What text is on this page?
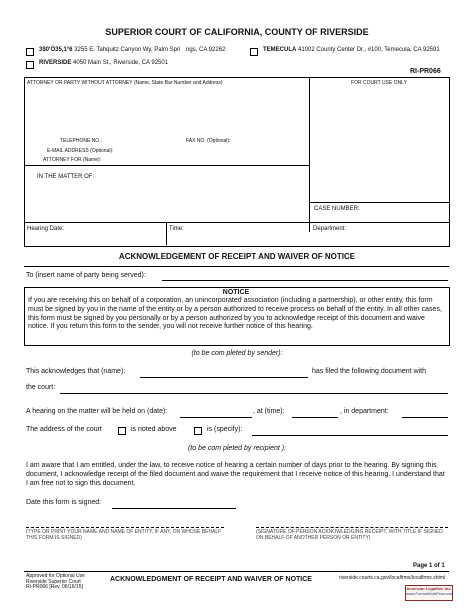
SUPERIOR COURT OF CALIFORNIA, COUNTY OF RIVERSIDE
3$0'Ö35,1°6 3255 E. Tahquitz Canyon Wy, Palm Spri ngs, CA 92262	TEMECULA 41002 County Center Dr., #100, Temecula, CA 92591
RIVERSIDE 4050 Main St., Riverside, CA 92501
RI-PR066
ATTORNEY OR PARTY WITHOUT ATTORNEY (Name, State Bar Number and Address)	FOR COURT USE ONLY
TELEPHONE NO.:	FAX NO. (Optional):
E-MAIL ADDRESS (Optional):
ATTORNEY FOR (Name):
IN THE MATTER OF:
CASE NUMBER:
Hearing Date:	Time:	Department:
ACKNOWLEDGEMENT OF RECEIPT AND WAIVER OF NOTICE
To (insert name of party being served):
NOTICE
If you are receiving this on behalf of a corporation, an unincorporated association (including a partnership), or other entity, this form must be signed by you in the name of the entity or by a person authorized to receive process on behalf of the entity. In all other cases, this form must be signed by you personally or by a person authorized by you to acknowledge receipt of this document and waive notice. If you return this form to the sender, you will not receive further notice of this hearing.
(to be com pleted by sender):
This acknowledges that (name):	has filed the following document with
the court:
A hearing on the matter will be held on (date):	, at (time):	, in department:
The address of the court	is noted above	is (specify):
(to be com pleted by recipient ):
I am aware that I am entitled, under the law, to receive notice of hearing a certain number of days prior to the hearing. By signing this document, I acknowledge receipt of the filed document and waive the requirement that I receive notice of this hearing. I understand that I am free not to sign this document.
Date this form is signed:
(TYPE OR PRINT YOUR NAME AND NAME OF ENTITY, IF ANY, ON WHOSE BEHALF THIS FORM IS SIGNED)
(SIGNATURE OF PERSON ACKNOWLEDGING RECEIPT, WITH TITLE IF SIGNED ON BEHALF OF ANOTHER PERSON OR ENTITY)
Page 1 of 1
Approved for Optional Use
Riverside Superior Court
RI-PR066 [Rev. 06/16/15]
ACKNOWLEDGMENT OF RECEIPT AND WAIVER OF NOTICE	riverside.courts.ca.gov/localfrms/localfrms.shtml
American LegalNet, Inc.
www.FormsWorkFlow.com
